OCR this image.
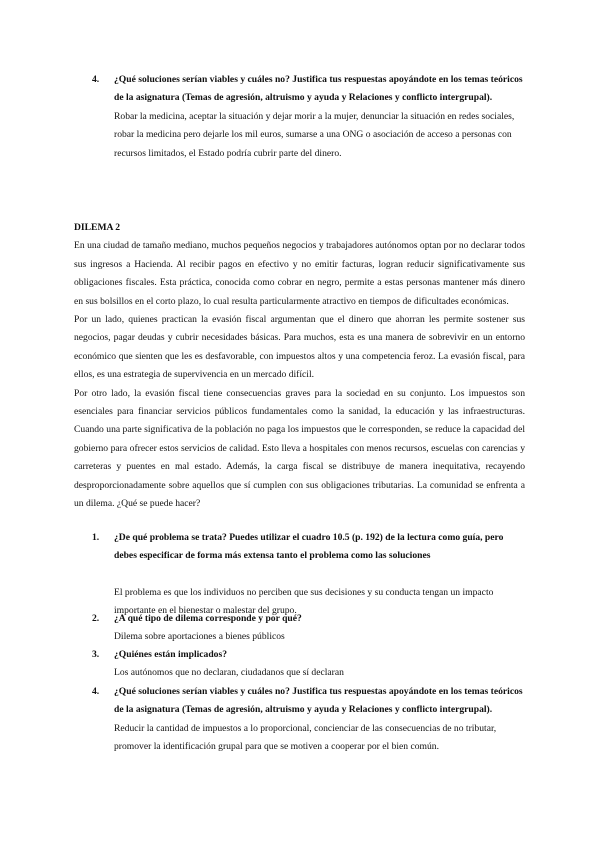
4. ¿Qué soluciones serían viables y cuáles no? Justifica tus respuestas apoyándote en los temas teóricos de la asignatura (Temas de agresión, altruismo y ayuda y Relaciones y conflicto intergrupal).

Robar la medicina, aceptar la situación y dejar morir a la mujer, denunciar la situación en redes sociales, robar la medicina pero dejarle los mil euros, sumarse a una ONG o asociación de acceso a personas con recursos limitados, el Estado podría cubrir parte del dinero.

DILEMA 2

En una ciudad de tamaño mediano, muchos pequeños negocios y trabajadores autónomos optan por no declarar todos sus ingresos a Hacienda. Al recibir pagos en efectivo y no emitir facturas, logran reducir significativamente sus obligaciones fiscales. Esta práctica, conocida como cobrar en negro, permite a estas personas mantener más dinero en sus bolsillos en el corto plazo, lo cual resulta particularmente atractivo en tiempos de dificultades económicas.

Por un lado, quienes practican la evasión fiscal argumentan que el dinero que ahorran les permite sostener sus negocios, pagar deudas y cubrir necesidades básicas. Para muchos, esta es una manera de sobrevivir en un entorno económico que sienten que les es desfavorable, con impuestos altos y una competencia feroz. La evasión fiscal, para ellos, es una estrategia de supervivencia en un mercado difícil.

Por otro lado, la evasión fiscal tiene consecuencias graves para la sociedad en su conjunto. Los impuestos son esenciales para financiar servicios públicos fundamentales como la sanidad, la educación y las infraestructuras. Cuando una parte significativa de la población no paga los impuestos que le corresponden, se reduce la capacidad del gobierno para ofrecer estos servicios de calidad. Esto lleva a hospitales con menos recursos, escuelas con carencias y carreteras y puentes en mal estado. Además, la carga fiscal se distribuye de manera inequitativa, recayendo desproporcionadamente sobre aquellos que sí cumplen con sus obligaciones tributarias. La comunidad se enfrenta a un dilema. ¿Qué se puede hacer?

1. ¿De qué problema se trata? Puedes utilizar el cuadro 10.5 (p. 192) de la lectura como guía, pero debes especificar de forma más extensa tanto el problema como las soluciones

El problema es que los individuos no perciben que sus decisiones y su conducta tengan un impacto importante en el bienestar o malestar del grupo.

2. ¿A qué tipo de dilema corresponde y por qué?

Dilema sobre aportaciones a bienes públicos

3. ¿Quiénes están implicados?

Los autónomos que no declaran, ciudadanos que sí declaran

4. ¿Qué soluciones serían viables y cuáles no? Justifica tus respuestas apoyándote en los temas teóricos de la asignatura (Temas de agresión, altruismo y ayuda y Relaciones y conflicto intergrupal).

Reducir la cantidad de impuestos a lo proporcional, concienciar de las consecuencias de no tributar, promover la identificación grupal para que se motiven a cooperar por el bien común.
